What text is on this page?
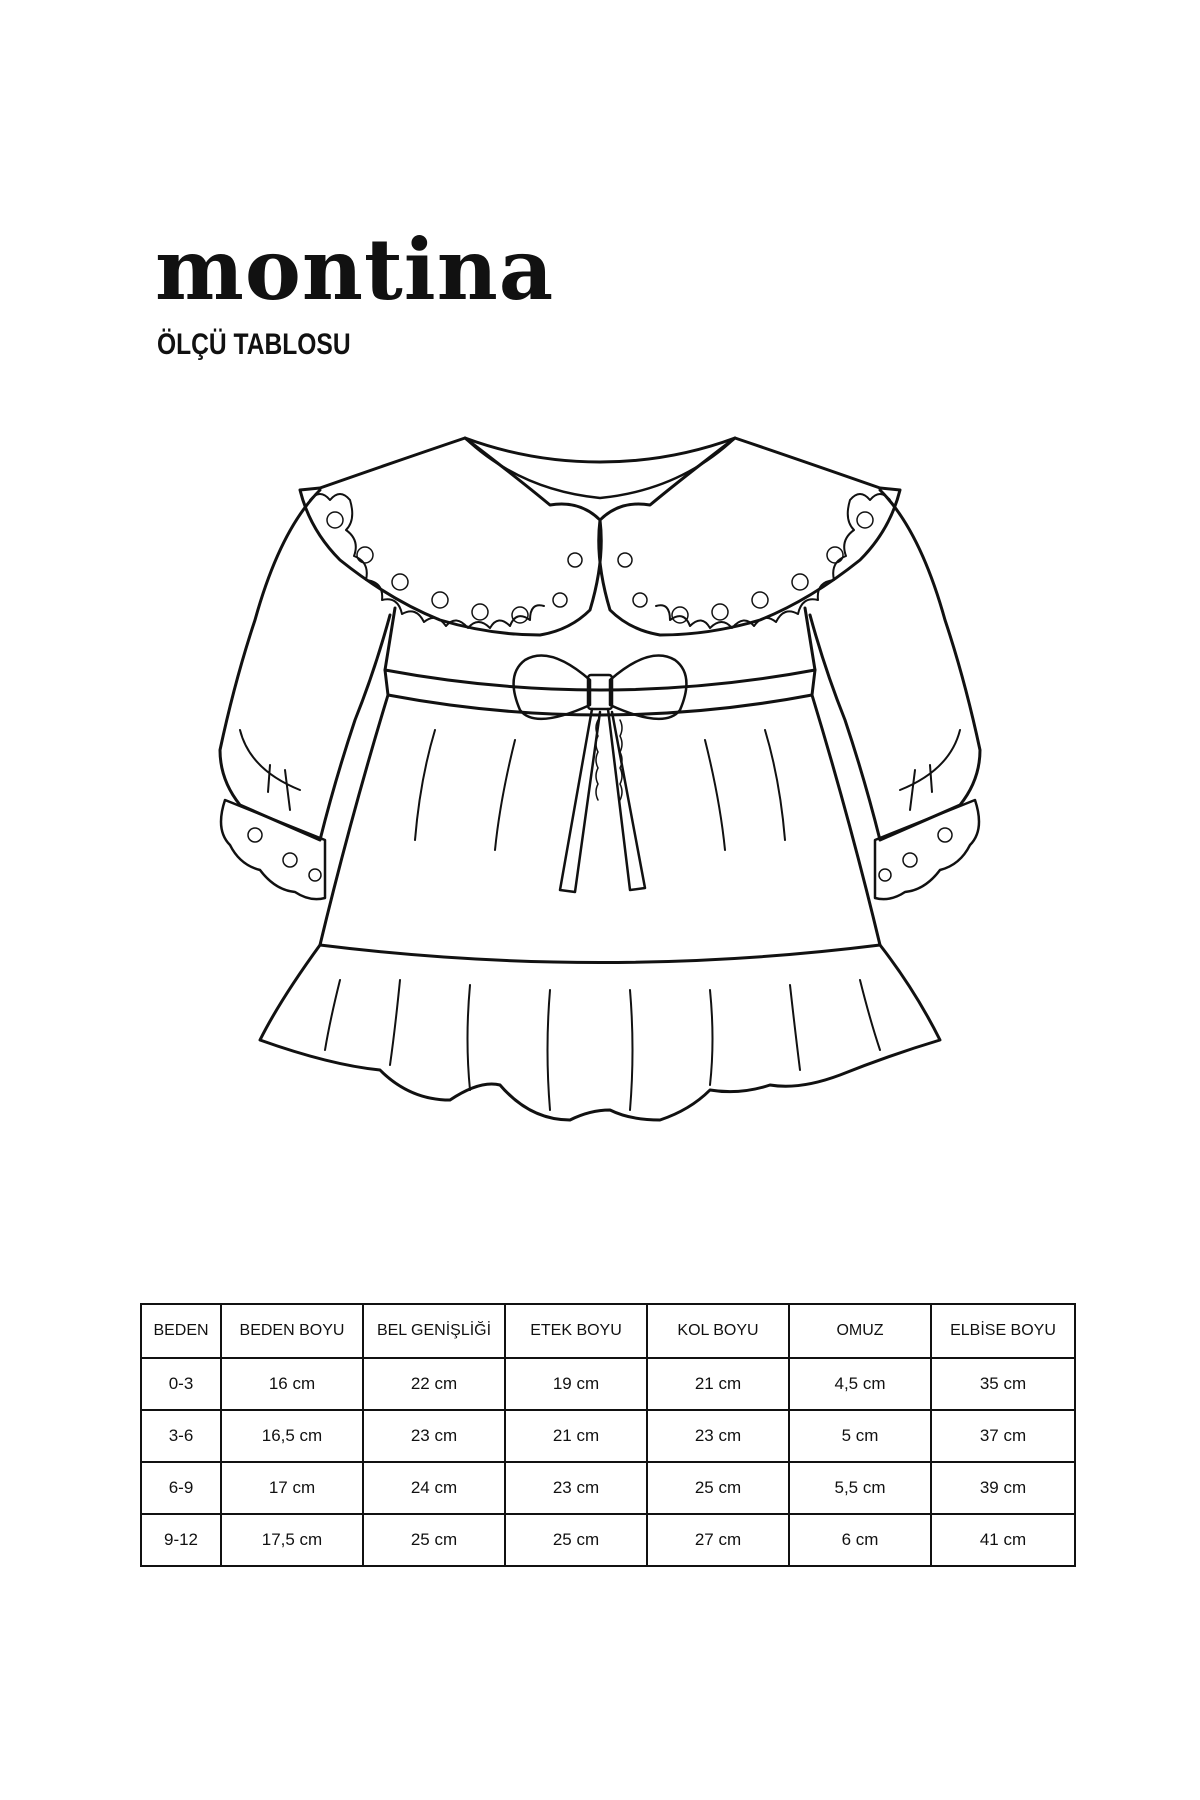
montina
ÖLÇÜ TABLOSU
BEDEN	BEDEN BOYU	BEL GENİŞLİĞİ	ETEK BOYU	KOL BOYU	OMUZ	ELBİSE BOYU
0-3	16 cm	22 cm	19 cm	21 cm	4,5 cm	35 cm
3-6	16,5 cm	23 cm	21 cm	23 cm	5 cm	37 cm
6-9	17 cm	24 cm	23 cm	25 cm	5,5 cm	39 cm
9-12	17,5 cm	25 cm	25 cm	27 cm	6 cm	41 cm
